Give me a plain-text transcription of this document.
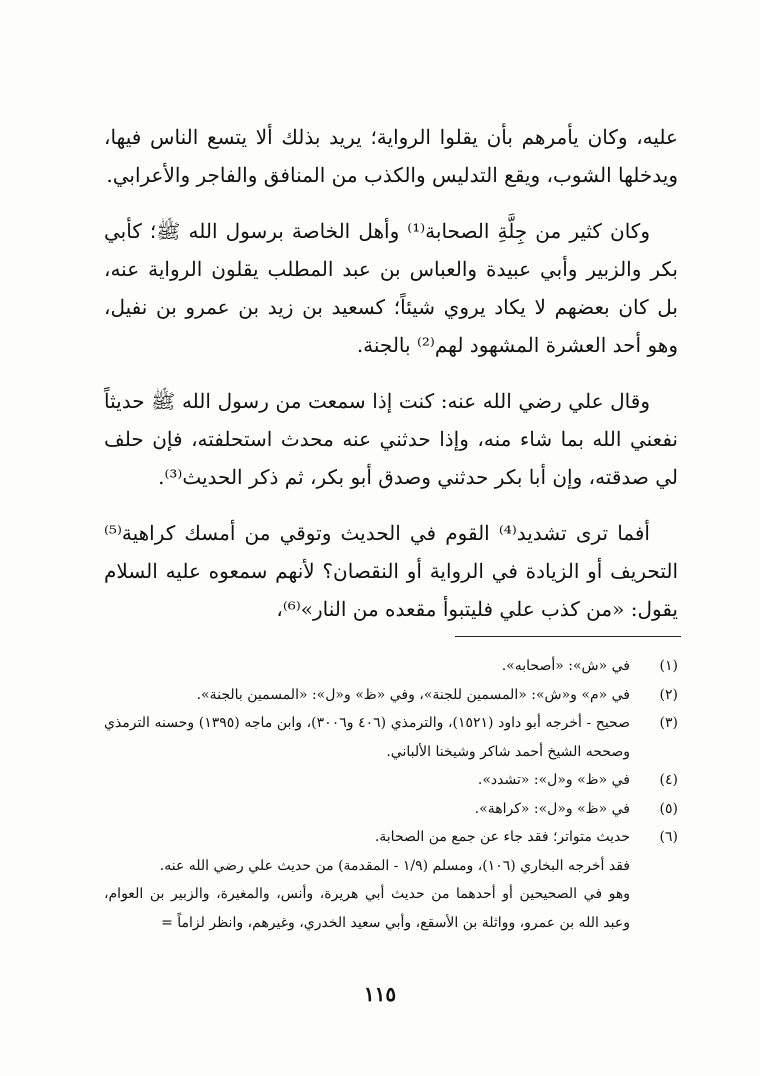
عليه، وكان يأمرهم بأن يقلوا الرواية؛ يريد بذلك ألا يتسع الناس فيها، ويدخلها الشوب، ويقع التدليس والكذب من المنافق والفاجر والأعرابي.

وكان كثير من جِلَّةِ الصحابة⁽¹⁾ وأهل الخاصة برسول الله ﷺ؛ كأبي بكر والزبير وأبي عبيدة والعباس بن عبد المطلب يقلون الرواية عنه، بل كان بعضهم لا يكاد يروي شيئاً؛ كسعيد بن زيد بن عمرو بن نفيل، وهو أحد العشرة المشهود لهم⁽²⁾ بالجنة.

وقال علي رضي الله عنه: كنت إذا سمعت من رسول الله ﷺ حديثاً نفعني الله بما شاء منه، وإذا حدثني عنه محدث استحلفته، فإن حلف لي صدقته، وإن أبا بكر حدثني وصدق أبو بكر، ثم ذكر الحديث⁽³⁾.

أفما ترى تشديد⁽⁴⁾ القوم في الحديث وتوقي من أمسك كراهية⁽⁵⁾ التحريف أو الزيادة في الرواية أو النقصان؟ لأنهم سمعوه عليه السلام يقول: «من كذب علي فليتبوأ مقعده من النار»⁽⁶⁾،

(١)
في «ش»: «أصحابه».
(٢)
في «م» و«ش»: «المسمين للجنة»، وفي «ظ» و«ل»: «المسمين بالجنة».
(٣)
صحيح - أخرجه أبو داود (١٥٢١)، والترمذي (٤٠٦ و٣٠٠٦)، وابن ماجه (١٣٩٥) وحسنه الترمذي وصححه الشيخ أحمد شاكر وشيخنا الألباني.
(٤)
في «ظ» و«ل»: «تشدد».
(٥)
في «ظ» و«ل»: «كراهة».
(٦)
حديث متواتر؛ فقد جاء عن جمع من الصحابة.
فقد أخرجه البخاري (١٠٦)، ومسلم (١/٩ - المقدمة) من حديث علي رضي الله عنه.
وهو في الصحيحين أو أحدهما من حديث أبي هريرة، وأنس، والمغيرة، والزبير بن العوام، وعبد الله بن عمرو، وواثلة بن الأسقع، وأبي سعيد الخدري، وغيرهم، وانظر لزاماً =
١١٥
